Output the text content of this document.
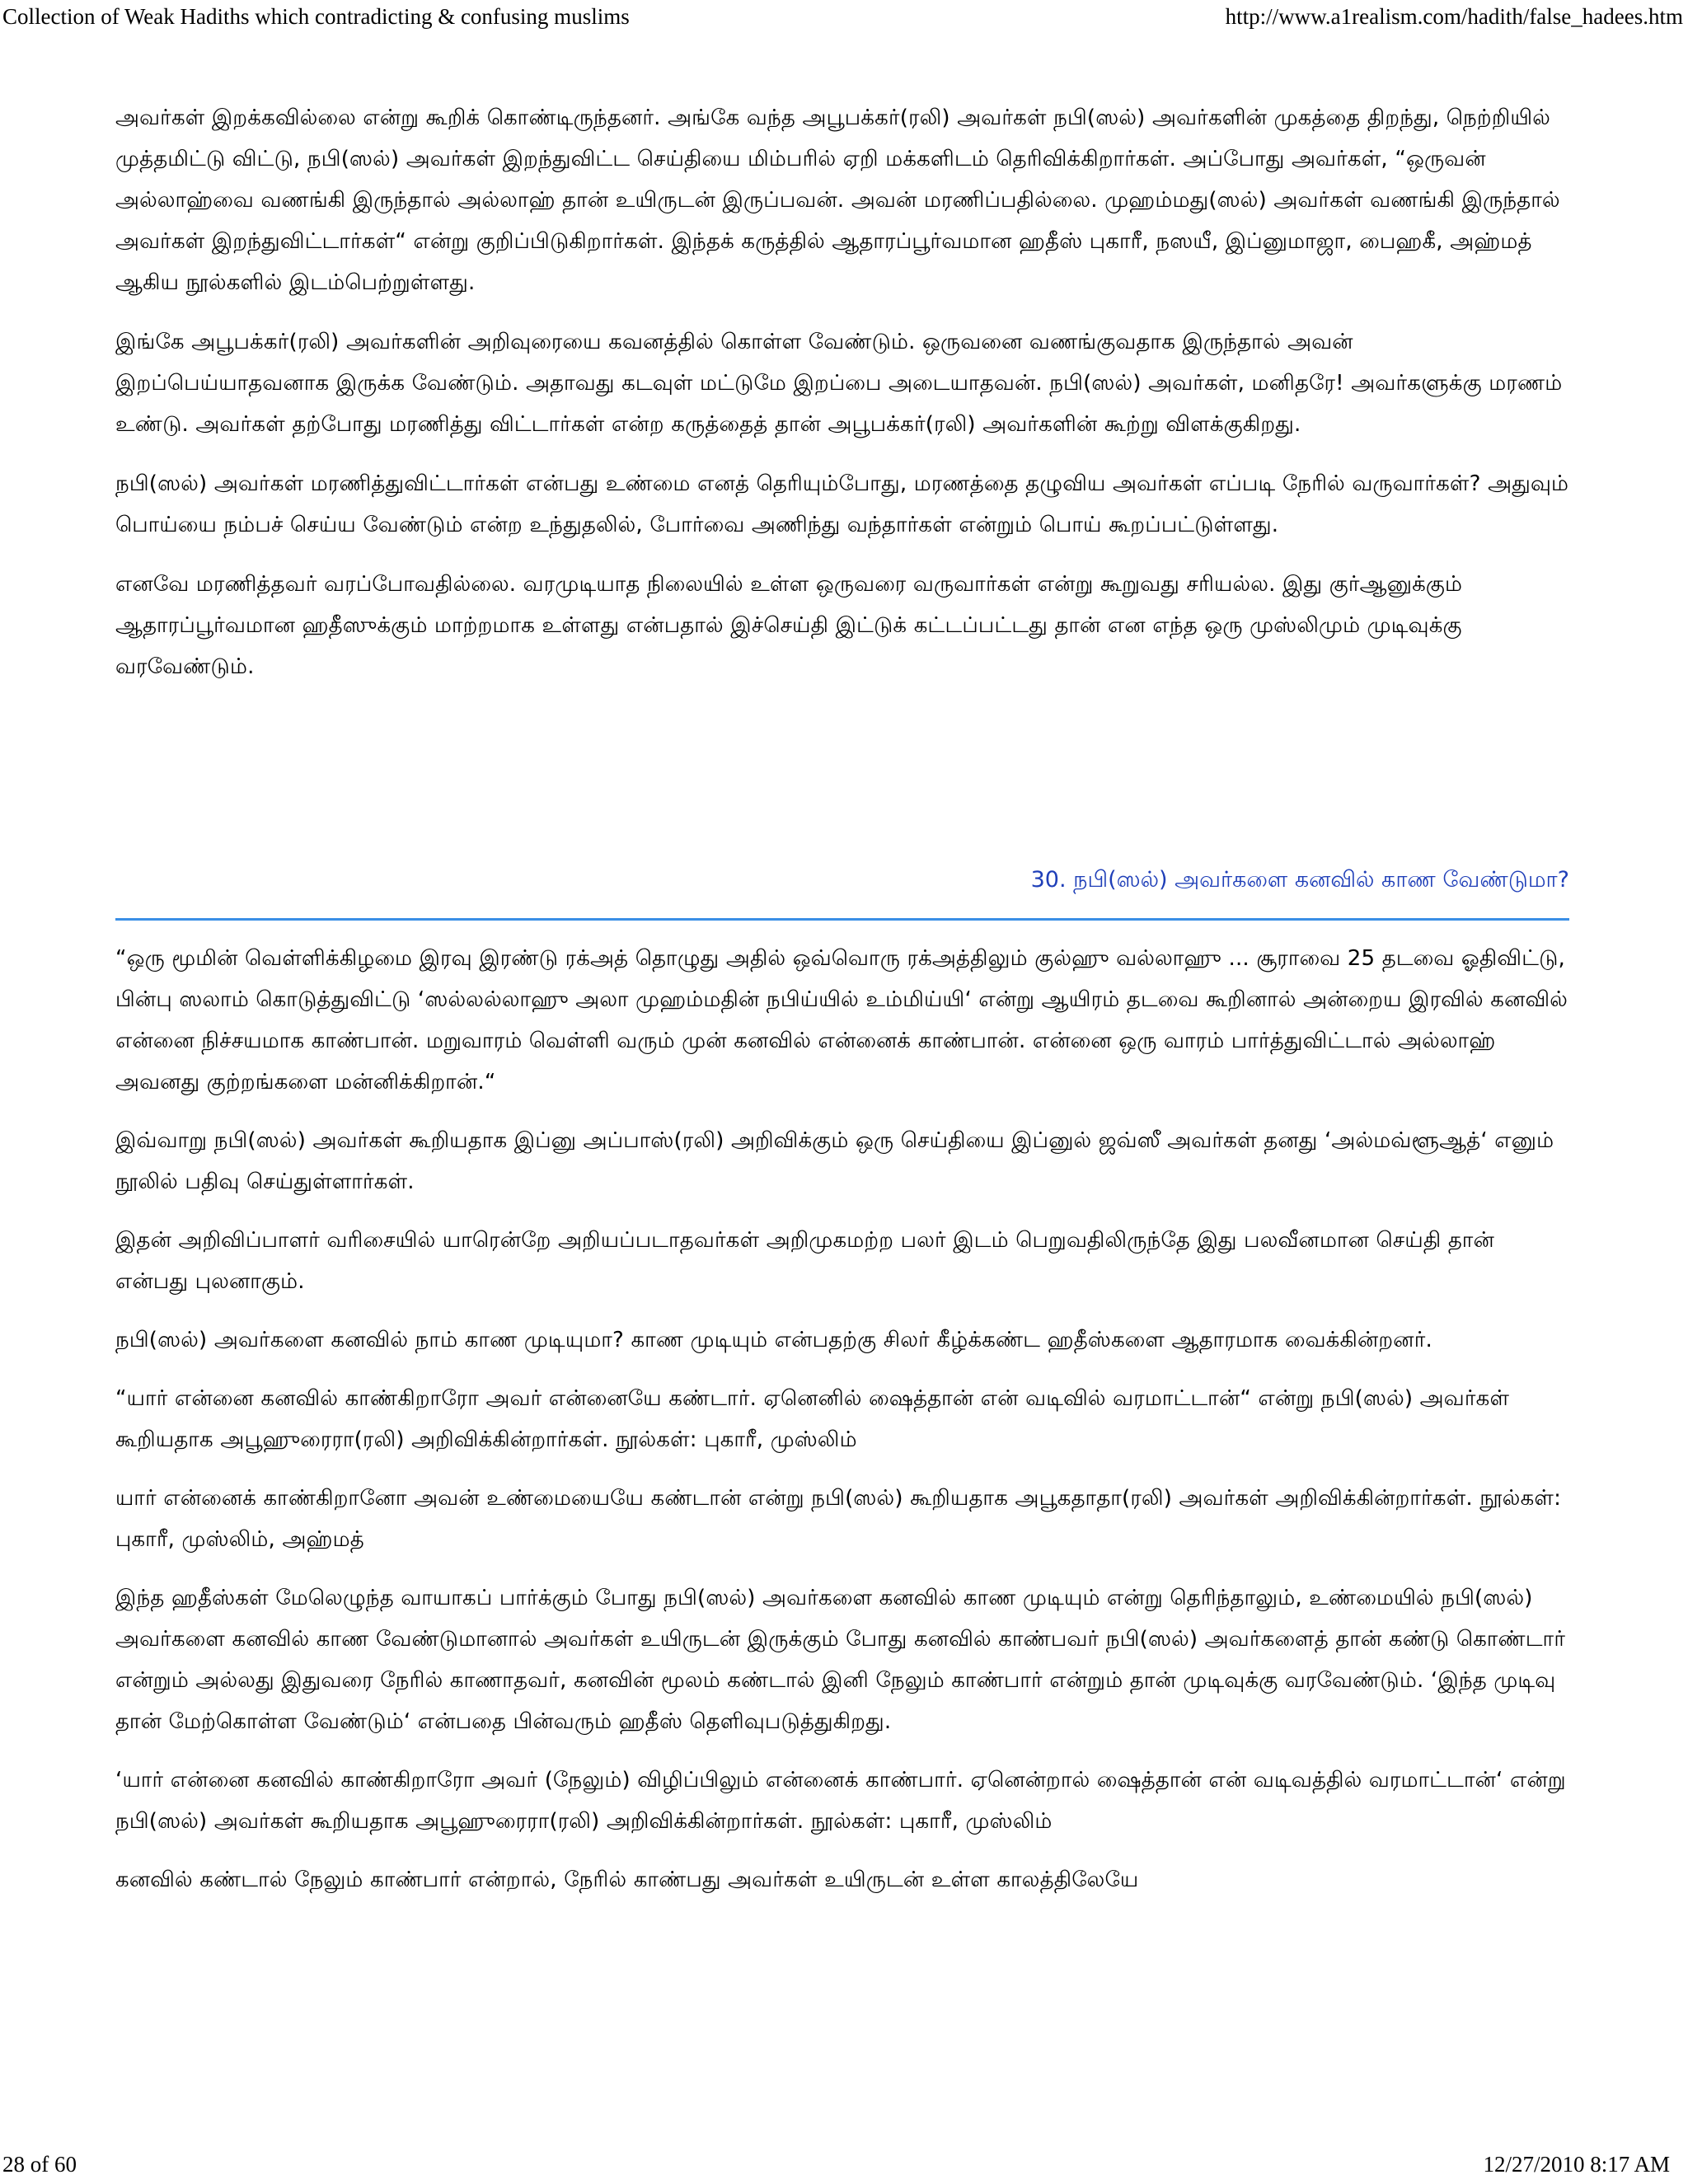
Collection of Weak Hadiths which contradicting & confusing muslims	http://www.a1realism.com/hadith/false_hadees.htm

அவர்கள் இறக்கவில்லை என்று கூறிக் கொண்டிருந்தனர். அங்கே வந்த அபூபக்கர்(ரலி) அவர்கள் நபி(ஸல்) அவர்களின் முகத்தை திறந்து, நெற்றியில் முத்தமிட்டு விட்டு, நபி(ஸல்) அவர்கள் இறந்துவிட்ட செய்தியை மிம்பரில் ஏறி மக்களிடம் தெரிவிக்கிறார்கள். அப்போது அவர்கள், “ஒருவன் அல்லாஹ்வை வணங்கி இருந்தால் அல்லாஹ் தான் உயிருடன் இருப்பவன். அவன் மரணிப்பதில்லை. முஹம்மது(ஸல்) அவர்கள் வணங்கி இருந்தால் அவர்கள் இறந்துவிட்டார்கள்“ என்று குறிப்பிடுகிறார்கள். இந்தக் கருத்தில் ஆதாரப்பூர்வமான ஹதீஸ் புகாரீ, நஸயீ, இப்னுமாஜா, பைஹகீ, அஹ்மத் ஆகிய நூல்களில் இடம்பெற்றுள்ளது.

இங்கே அபூபக்கர்(ரலி) அவர்களின் அறிவுரையை கவனத்தில் கொள்ள வேண்டும். ஒருவனை வணங்குவதாக இருந்தால் அவன் இறப்பெய்யாதவனாக இருக்க வேண்டும். அதாவது கடவுள் மட்டுமே இறப்பை அடையாதவன். நபி(ஸல்) அவர்கள், மனிதரே! அவர்களுக்கு மரணம் உண்டு. அவர்கள் தற்போது மரணித்து விட்டார்கள் என்ற கருத்தைத் தான் அபூபக்கர்(ரலி) அவர்களின் கூற்று விளக்குகிறது.

நபி(ஸல்) அவர்கள் மரணித்துவிட்டார்கள் என்பது உண்மை எனத் தெரியும்போது, மரணத்தை தழுவிய அவர்கள் எப்படி நேரில் வருவார்கள்? அதுவும் பொய்யை நம்பச் செய்ய வேண்டும் என்ற உந்துதலில், போர்வை அணிந்து வந்தார்கள் என்றும் பொய் கூறப்பட்டுள்ளது.

எனவே மரணித்தவர் வரப்போவதில்லை. வரமுடியாத நிலையில் உள்ள ஒருவரை வருவார்கள் என்று கூறுவது சரியல்ல. இது குர்ஆனுக்கும் ஆதாரப்பூர்வமான ஹதீஸுக்கும் மாற்றமாக உள்ளது என்பதால் இச்செய்தி இட்டுக் கட்டப்பட்டது தான் என எந்த ஒரு முஸ்லிமும் முடிவுக்கு வரவேண்டும்.

30. நபி(ஸல்) அவர்களை கனவில் காண வேண்டுமா?

“ஒரு மூமின் வெள்ளிக்கிழமை இரவு இரண்டு ரக்அத் தொழுது அதில் ஒவ்வொரு ரக்அத்திலும் குல்ஹு வல்லாஹு ... சூராவை 25 தடவை ஓதிவிட்டு, பின்பு ஸலாம் கொடுத்துவிட்டு ‘ஸல்லல்லாஹு அலா முஹம்மதின் நபிய்யில் உம்மிய்யி‘ என்று ஆயிரம் தடவை கூறினால் அன்றைய இரவில் கனவில் என்னை நிச்சயமாக காண்பான். மறுவாரம் வெள்ளி வரும் முன் கனவில் என்னைக் காண்பான். என்னை ஒரு வாரம் பார்த்துவிட்டால் அல்லாஹ் அவனது குற்றங்களை மன்னிக்கிறான்.“

இவ்வாறு நபி(ஸல்) அவர்கள் கூறியதாக இப்னு அப்பாஸ்(ரலி) அறிவிக்கும் ஒரு செய்தியை இப்னுல் ஜவ்ஸீ அவர்கள் தனது ‘அல்மவ்ளூஆத்‘ எனும் நூலில் பதிவு செய்துள்ளார்கள்.

இதன் அறிவிப்பாளர் வரிசையில் யாரென்றே அறியப்படாதவர்கள் அறிமுகமற்ற பலர் இடம் பெறுவதிலிருந்தே இது பலவீனமான செய்தி தான் என்பது புலனாகும்.

நபி(ஸல்) அவர்களை கனவில் நாம் காண முடியுமா? காண முடியும் என்பதற்கு சிலர் கீழ்க்கண்ட ஹதீஸ்களை ஆதாரமாக வைக்கின்றனர்.

“யார் என்னை கனவில் காண்கிறாரோ அவர் என்னையே கண்டார். ஏனெனில் ஷைத்தான் என் வடிவில் வரமாட்டான்“ என்று நபி(ஸல்) அவர்கள் கூறியதாக அபூஹுரைரா(ரலி) அறிவிக்கின்றார்கள். நூல்கள்: புகாரீ, முஸ்லிம்

யார் என்னைக் காண்கிறானோ அவன் உண்மையையே கண்டான் என்று நபி(ஸல்) கூறியதாக அபூகதாதா(ரலி) அவர்கள் அறிவிக்கின்றார்கள். நூல்கள்: புகாரீ, முஸ்லிம், அஹ்மத்

இந்த ஹதீஸ்கள் மேலெழுந்த வாயாகப் பார்க்கும் போது நபி(ஸல்) அவர்களை கனவில் காண முடியும் என்று தெரிந்தாலும், உண்மையில் நபி(ஸல்) அவர்களை கனவில் காண வேண்டுமானால் அவர்கள் உயிருடன் இருக்கும் போது கனவில் காண்பவர் நபி(ஸல்) அவர்களைத் தான் கண்டு கொண்டார் என்றும் அல்லது இதுவரை நேரில் காணாதவர், கனவின் மூலம் கண்டால் இனி நேலும் காண்பார் என்றும் தான் முடிவுக்கு வரவேண்டும். ‘இந்த முடிவு தான் மேற்கொள்ள வேண்டும்‘ என்பதை பின்வரும் ஹதீஸ் தெளிவுபடுத்துகிறது.

‘யார் என்னை கனவில் காண்கிறாரோ அவர் (நேலும்) விழிப்பிலும் என்னைக் காண்பார். ஏனென்றால் ஷைத்தான் என் வடிவத்தில் வரமாட்டான்‘ என்று நபி(ஸல்) அவர்கள் கூறியதாக அபூஹுரைரா(ரலி) அறிவிக்கின்றார்கள். நூல்கள்: புகாரீ, முஸ்லிம்

கனவில் கண்டால் நேலும் காண்பார் என்றால், நேரில் காண்பது அவர்கள் உயிருடன் உள்ள காலத்திலேயே

28 of 60	12/27/2010 8:17 AM
